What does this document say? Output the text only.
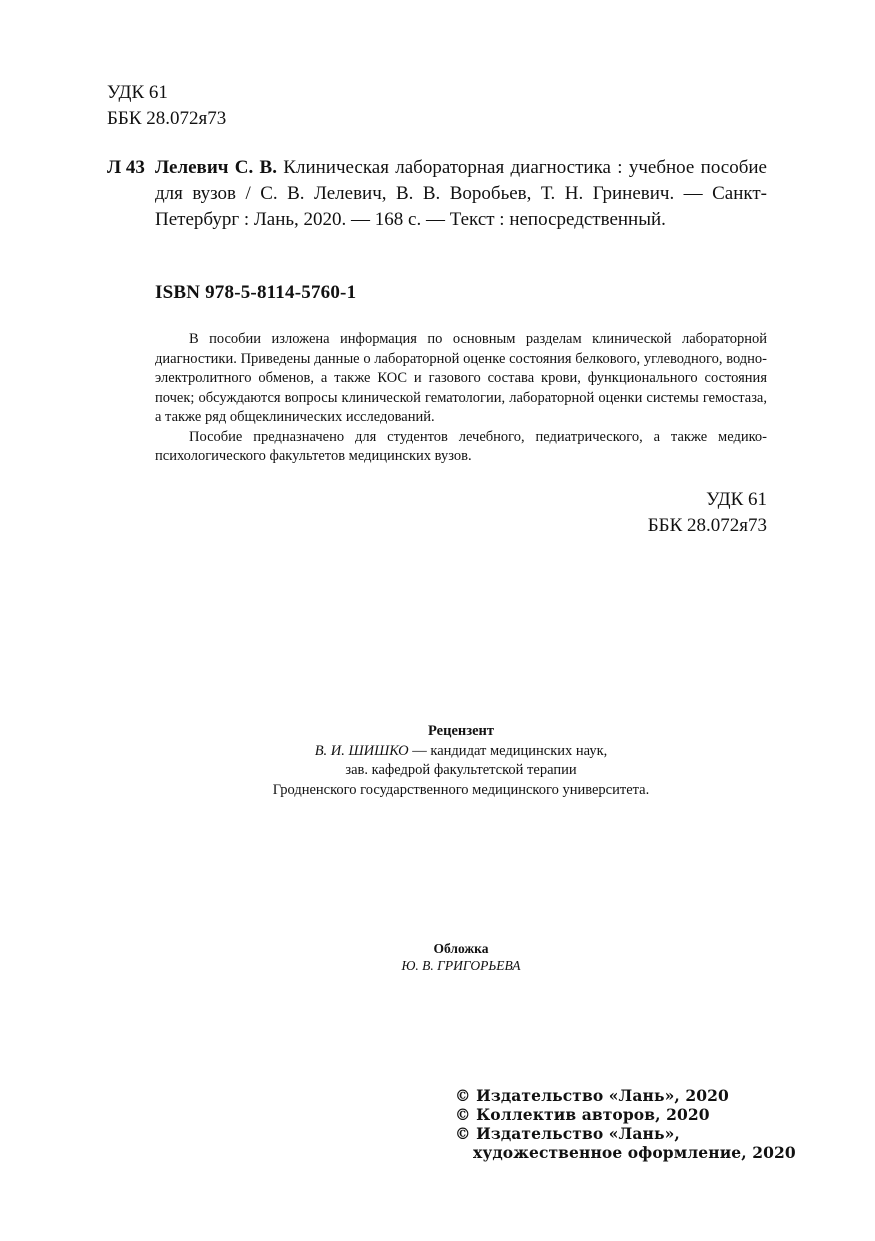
УДК 61
ББК 28.072я73
Л 43 Лелевич С. В. Клиническая лабораторная диагностика : учебное пособие для вузов / С. В. Лелевич, В. В. Воробьев, Т. Н. Гриневич. — Санкт-Петербург : Лань, 2020. — 168 с. — Текст : непосредственный.
ISBN 978-5-8114-5760-1

В пособии изложена информация по основным разделам клинической лабораторной диагностики. Приведены данные о лабораторной оценке состояния белкового, углеводного, водно-электролитного обменов, а также КОС и газового состава крови, функционального состояния почек; обсуждаются вопросы клинической гематологии, лабораторной оценки системы гемостаза, а также ряд общеклинических исследований.

Пособие предназначено для студентов лечебного, педиатрического, а также медико-психологического факультетов медицинских вузов.

УДК 61
ББК 28.072я73
Рецензент
В. И. ШИШКО — кандидат медицинских наук,
зав. кафедрой факультетской терапии
Гродненского государственного медицинского университета.
Обложка
Ю. В. ГРИГОРЬЕВА
© Издательство «Лань», 2020
© Коллектив авторов, 2020
© Издательство «Лань»,
художественное оформление, 2020
